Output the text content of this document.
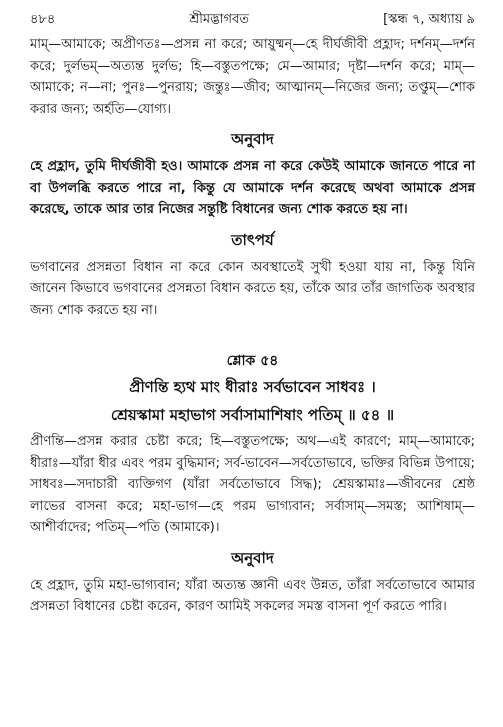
৪৮৪	শ্রীমদ্ভাগবত	[স্কন্ধ ৭, অধ্যায় ৯

মাম্—আমাকে; অপ্রীণতঃ—প্রসন্ন না করে; আয়ুষ্মন্—হে দীর্ঘজীবী প্রহ্লাদ; দর্শনম্—দর্শন করে; দুর্লভম্—অত্যন্ত দুর্লভ; হি—বস্তুতপক্ষে; মে—আমার; দৃষ্টা—দর্শন করে; মাম্—আমাকে; ন—না; পুনঃ—পুনরায়; জন্তুঃ—জীব; আত্মানম্—নিজের জন্য; তপ্তুম্—শোক করার জন্য; অর্হতি—যোগ্য।

অনুবাদ

হে প্রহ্লাদ, তুমি দীর্ঘজীবী হও। আমাকে প্রসন্ন না করে কেউই আমাকে জানতে পারে না বা উপলব্ধি করতে পারে না, কিন্তু যে আমাকে দর্শন করেছে অথবা আমাকে প্রসন্ন করেছে, তাকে আর তার নিজের সন্তুষ্টি বিধানের জন্য শোক করতে হয় না।

তাৎপর্য

ভগবানের প্রসন্নতা বিধান না করে কোন অবস্থাতেই সুখী হওয়া যায় না, কিন্তু যিনি জানেন কিভাবে ভগবানের প্রসন্নতা বিধান করতে হয়, তাঁকে আর তাঁর জাগতিক অবস্থার জন্য শোক করতে হয় না।

শ্লোক ৫৪
প্রীণন্তি হ্যথ মাং ধীরাঃ সর্বভাবেন সাধবঃ ।
শ্রেয়স্কামা মহাভাগ সর্বাসামাশিষাং পতিম্ ॥ ৫৪ ॥

প্রীণন্তি—প্রসন্ন করার চেষ্টা করে; হি—বস্তুতপক্ষে; অথ—এই কারণে; মাম্—আমাকে; ধীরাঃ—যাঁরা ধীর এবং পরম বুদ্ধিমান; সর্ব-ভাবেন—সর্বতোভাবে, ভক্তির বিভিন্ন উপায়ে; সাধবঃ—সদাচারী ব্যক্তিগণ (যাঁরা সর্বতোভাবে সিদ্ধ); শ্রেয়স্কামাঃ—জীবনের শ্রেষ্ঠ লাভের বাসনা করে; মহা-ভাগ—হে পরম ভাগ্যবান; সর্বাসাম্—সমস্ত; আশিষাম্—আশীর্বাদের; পতিম্—পতি (আমাকে)।

অনুবাদ

হে প্রহ্লাদ, তুমি মহা-ভাগ্যবান; যাঁরা অত্যন্ত জ্ঞানী এবং উন্নত, তাঁরা সর্বতোভাবে আমার প্রসন্নতা বিধানের চেষ্টা করেন, কারণ আমিই সকলের সমস্ত বাসনা পূর্ণ করতে পারি।
